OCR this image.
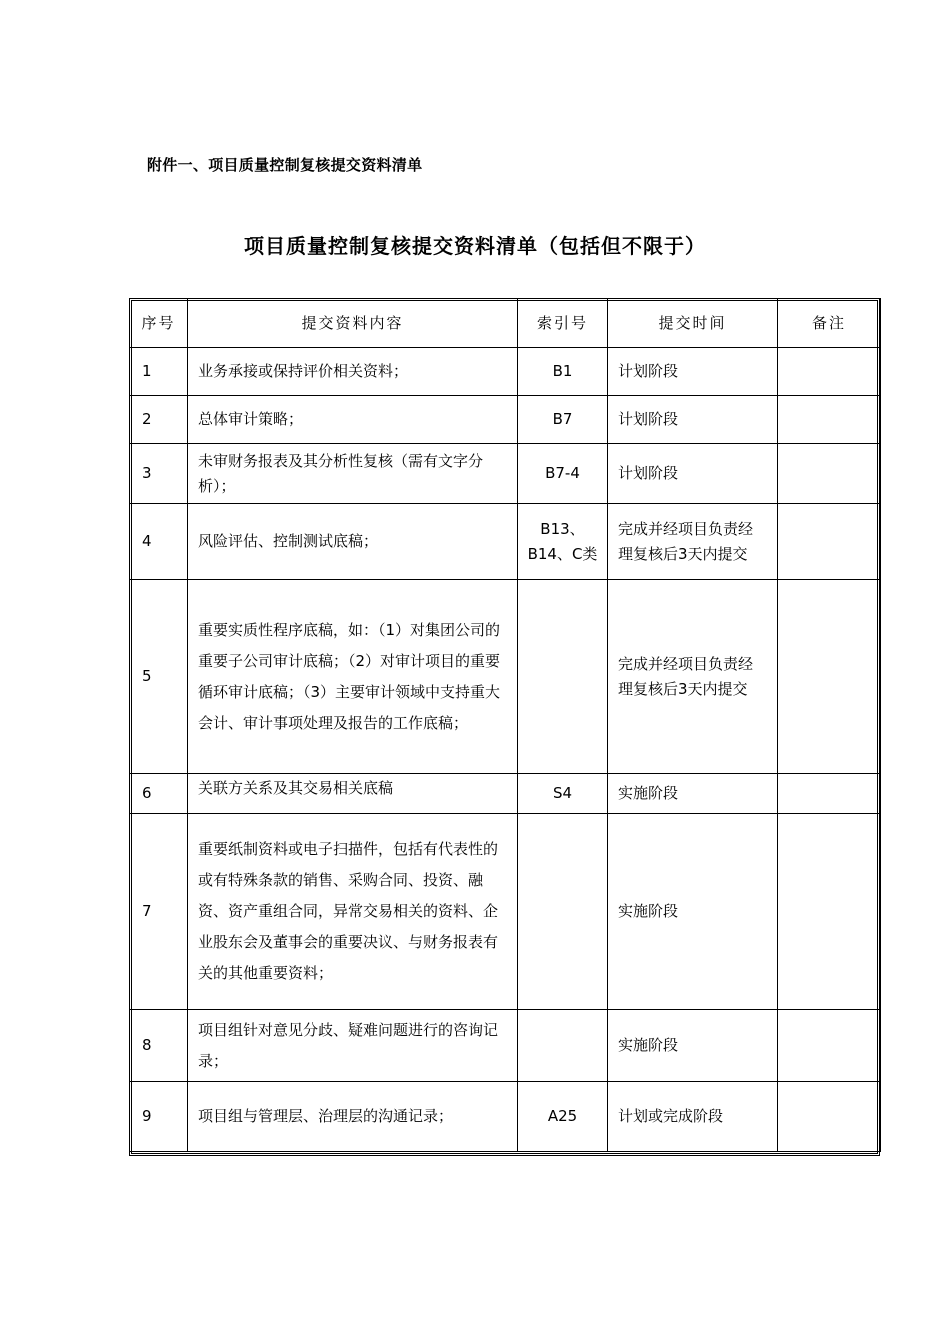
附件一、项目质量控制复核提交资料清单
项目质量控制复核提交资料清单（包括但不限于）
序号	提交资料内容	索引号	提交时间	备注
1	业务承接或保持评价相关资料；	B1	计划阶段	
2	总体审计策略；	B7	计划阶段	
3	未审财务报表及其分析性复核（需有文字分析）；	B7-4	计划阶段	
4	风险评估、控制测试底稿；	B13、B14、C类	完成并经项目负责经理复核后3天内提交	
5	重要实质性程序底稿，如：（1）对集团公司的重要子公司审计底稿；（2）对审计项目的重要循环审计底稿；（3）主要审计领域中支持重大会计、审计事项处理及报告的工作底稿；		完成并经项目负责经理复核后3天内提交	
6	关联方关系及其交易相关底稿	S4	实施阶段	
7	重要纸制资料或电子扫描件，包括有代表性的或有特殊条款的销售、采购合同、投资、融资、资产重组合同，异常交易相关的资料、企业股东会及董事会的重要决议、与财务报表有关的其他重要资料；		实施阶段	
8	项目组针对意见分歧、疑难问题进行的咨询记录；		实施阶段	
9	项目组与管理层、治理层的沟通记录；	A25	计划或完成阶段	
